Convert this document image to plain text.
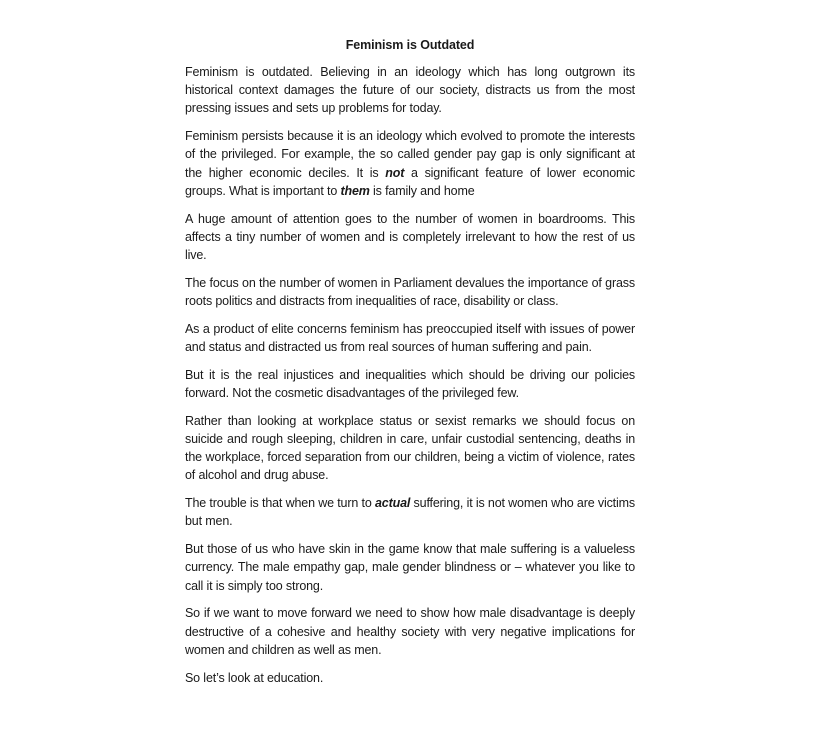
Feminism is Outdated

Feminism is outdated. Believing in an ideology which has long outgrown its historical context damages the future of our society, distracts us from the most pressing issues and sets up problems for today.

Feminism persists because it is an ideology which evolved to promote the interests of the privileged. For example, the so called gender pay gap is only significant at the higher economic deciles. It is not a significant feature of lower economic groups. What is important to them is family and home

A huge amount of attention goes to the number of women in boardrooms. This affects a tiny number of women and is completely irrelevant to how the rest of us live.

The focus on the number of women in Parliament devalues the importance of grass roots politics and distracts from inequalities of race, disability or class.

As a product of elite concerns feminism has preoccupied itself with issues of power and status and distracted us from real sources of human suffering and pain.

But it is the real injustices and inequalities which should be driving our policies forward. Not the cosmetic disadvantages of the privileged few.

Rather than looking at workplace status or sexist remarks we should focus on suicide and rough sleeping, children in care, unfair custodial sentencing, deaths in the workplace, forced separation from our children, being a victim of violence, rates of alcohol and drug abuse.

The trouble is that when we turn to actual suffering, it is not women who are victims but men.

But those of us who have skin in the game know that male suffering is a valueless currency. The male empathy gap, male gender blindness or – whatever you like to call it is simply too strong.

So if we want to move forward we need to show how male disadvantage is deeply destructive of a cohesive and healthy society with very negative implications for women and children as well as men.

So let’s look at education.
